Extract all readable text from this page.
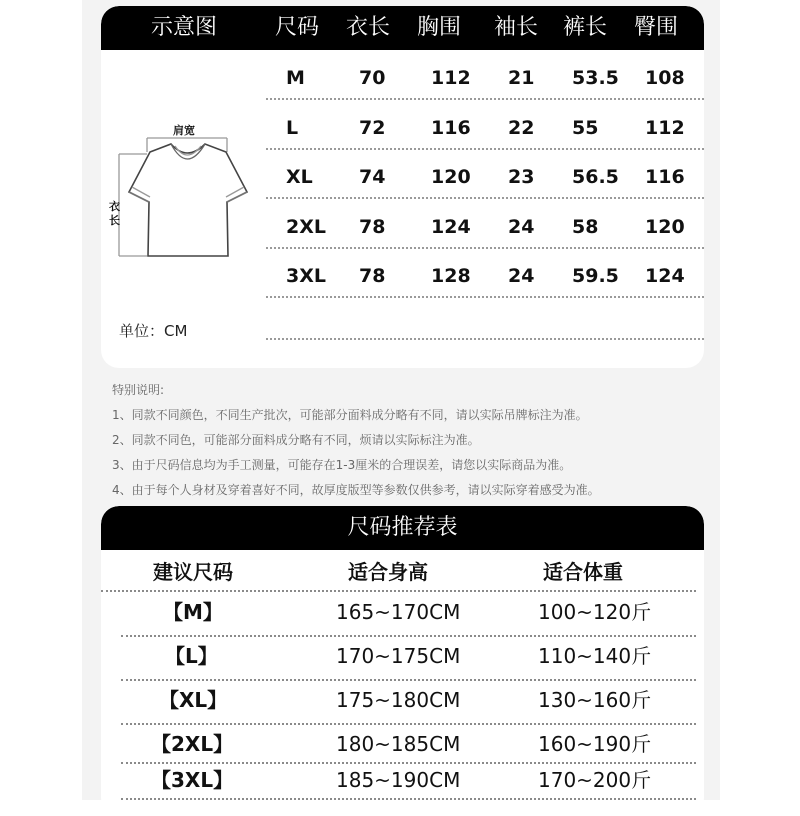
示意图	尺码 衣长 胸围 袖长 裤长 臀围
肩宽
衣
长
M	70 112 21 53.5 108
L	72 116 22 55 112
XL 74 120 23 56.5 116
2XL 78 124 24 58 120
3XL 78 128 24 59.5 124
单位：CM
特别说明:
1、同款不同颜色，不同生产批次，可能部分面料成分略有不同，请以实际吊牌标注为准。
2、同款不同色，可能部分面料成分略有不同，烦请以实际标注为准。
3、由于尺码信息均为手工测量，可能存在1-3厘米的合理误差，请您以实际商品为准。
4、由于每个人身材及穿着喜好不同，故厚度版型等参数仅供参考，请以实际穿着感受为准。
尺码推荐表
建议尺码	适合身高	适合体重
【M】	165~170CM	100~120斤
【L】	170~175CM	110~140斤
【XL】	175~180CM	130~160斤
【2XL】	180~185CM	160~190斤
【3XL】	185~190CM	170~200斤
